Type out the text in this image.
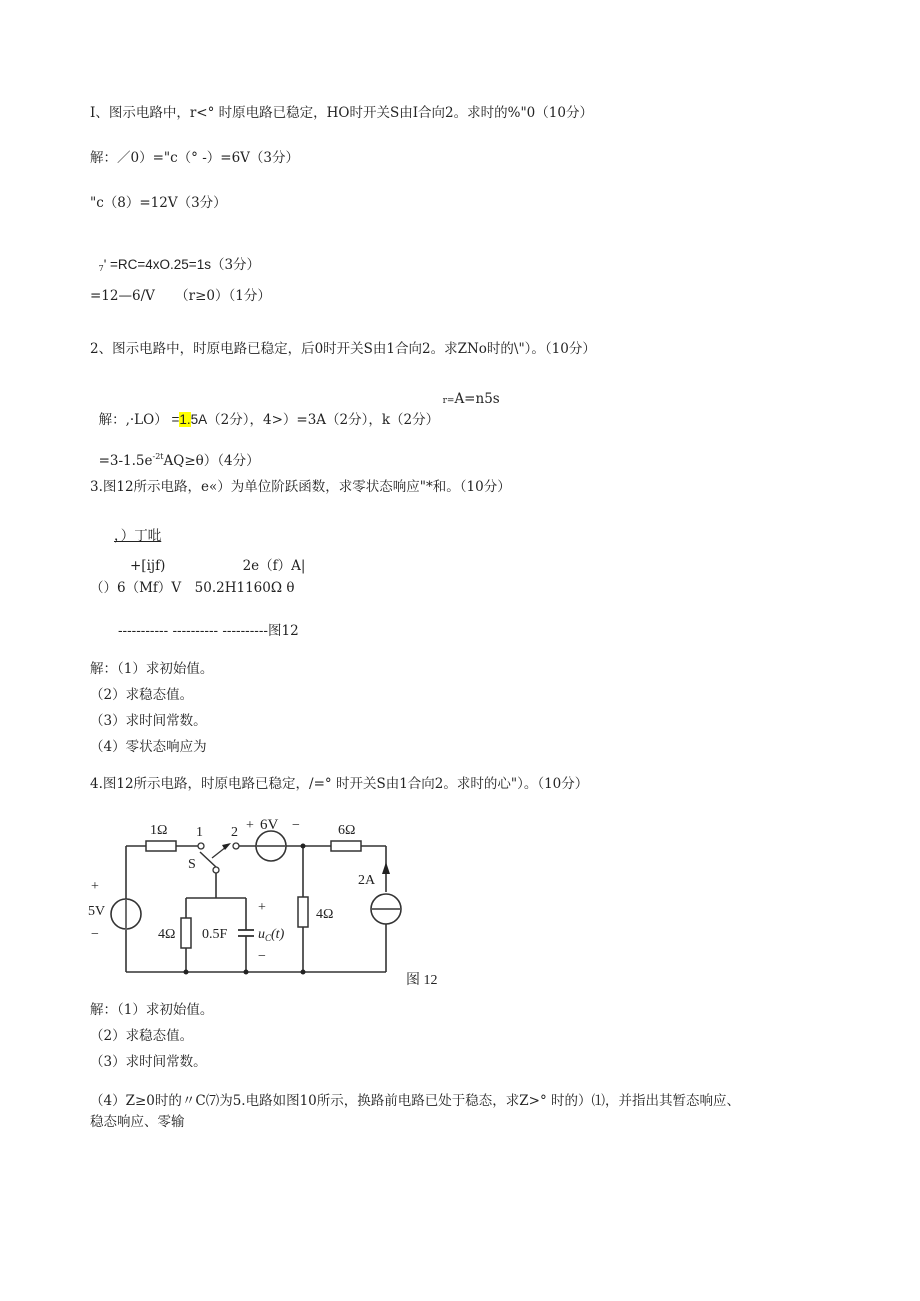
I、图示电路中，r<° 时原电路已稳定，HO时开关S由I合向2。求时的%"0（10分）
解：／0）="c（° -）=6V（3分）
"c（8）=12V（3分）

$_7$' =RC=4xO.25=1s（3分）

=12—6/V　　（r≥0）（1分）
2、图示电路中，时原电路已稳定，后0时开关S由1合向2。求ZNo时的\"）。（10分）

r=A=n5s

解：,·LO） =1.5A（2分），4>）=3A（2分），k（2分）

$=3-1.5e^{-2t}AQ\ge\theta)(4$分）

3.图12所示电路，e«）为单位阶跃函数，求零状态响应"*和。（10分）
，）丁吡
+[ijf)                  2e（f）A|
（）6（Mf）V　50.2H1160Ω θ
----------- ---------- ----------图12
解：（1）求初始值。
（2）求稳态值。
（3）求时间常数。
（4）零状态响应为
4.图12所示电路，时原电路已稳定，/=° 时开关S由1合向2。求时的心"）。（10分）
1Ω 1 2
S
+ 6V −	6Ω
2A
+
5V
−	4Ω 0.5F
+
$u_C(t)$
−
4Ω
图 12
解：（1）求初始值。
（2）求稳态值。
（3）求时间常数。
（4）Z≥0时的〃C⑺为5.电路如图10所示，换路前电路已处于稳态，求Z>° 时的）⑴，并指出其暂态响应、
稳态响应、零输
